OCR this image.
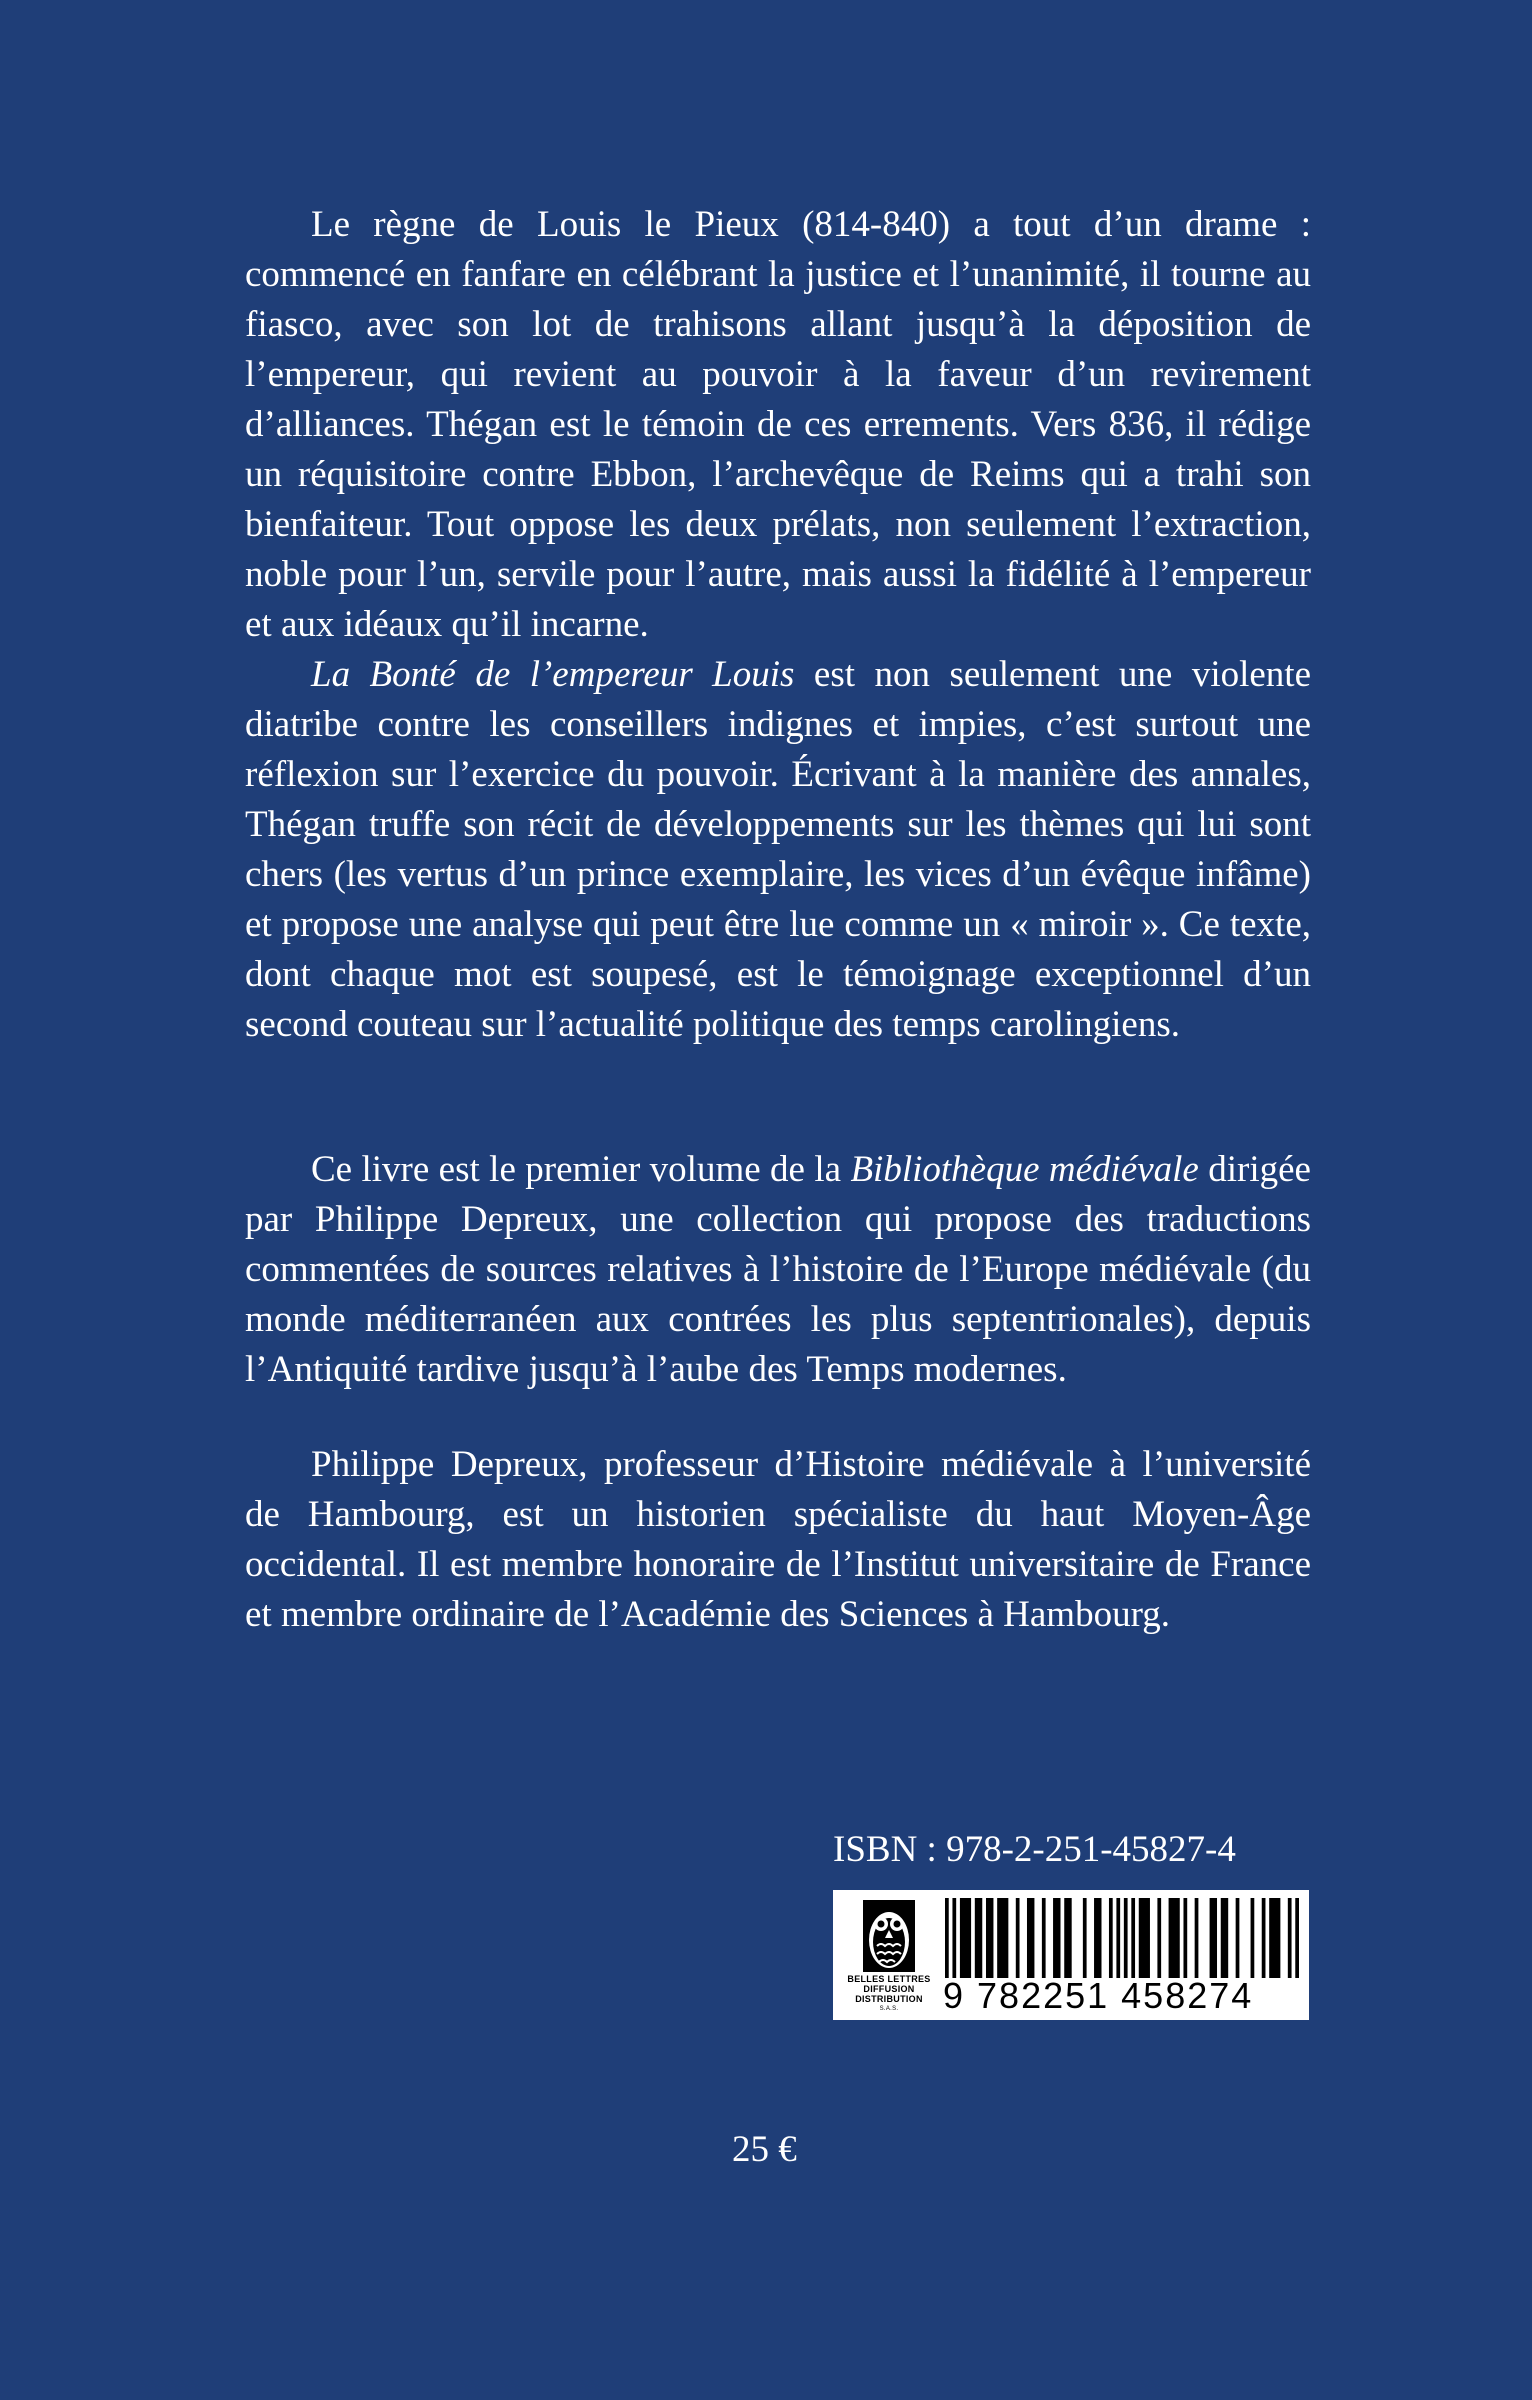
Le règne de Louis le Pieux (814-840) a tout d’un drame : commencé en fanfare en célébrant la justice et l’unanimité, il tourne au fiasco, avec son lot de trahisons allant jusqu’à la déposition de l’empereur, qui revient au pouvoir à la faveur d’un revirement d’alliances. Thégan est le témoin de ces errements. Vers 836, il rédige un réquisitoire contre Ebbon, l’archevêque de Reims qui a trahi son bienfaiteur. Tout oppose les deux prélats, non seulement l’extraction, noble pour l’un, servile pour l’autre, mais aussi la fidélité à l’empereur et aux idéaux qu’il incarne.

La Bonté de l’empereur Louis est non seulement une violente diatribe contre les conseillers indignes et impies, c’est surtout une réflexion sur l’exercice du pouvoir. Écrivant à la manière des annales, Thégan truffe son récit de développements sur les thèmes qui lui sont chers (les vertus d’un prince exemplaire, les vices d’un évêque infâme) et propose une analyse qui peut être lue comme un « miroir ». Ce texte, dont chaque mot est soupesé, est le témoignage exceptionnel d’un second couteau sur l’actualité politique des temps carolingiens.

Ce livre est le premier volume de la Bibliothèque médiévale dirigée par Philippe Depreux, une collection qui propose des traductions commentées de sources relatives à l’histoire de l’Europe médiévale (du monde méditerranéen aux contrées les plus septentrionales), depuis l’Antiquité tardive jusqu’à l’aube des Temps modernes.

Philippe Depreux, professeur d’Histoire médiévale à l’université de Hambourg, est un historien spécialiste du haut Moyen-Âge occidental. Il est membre honoraire de l’Institut universitaire de France et membre ordinaire de l’Académie des Sciences à Hambourg.

ISBN : 978-2-251-45827-4
BELLES LETTRES
DIFFUSION
DISTRIBUTION
S.A.S.	9 782251 458274
25 €
